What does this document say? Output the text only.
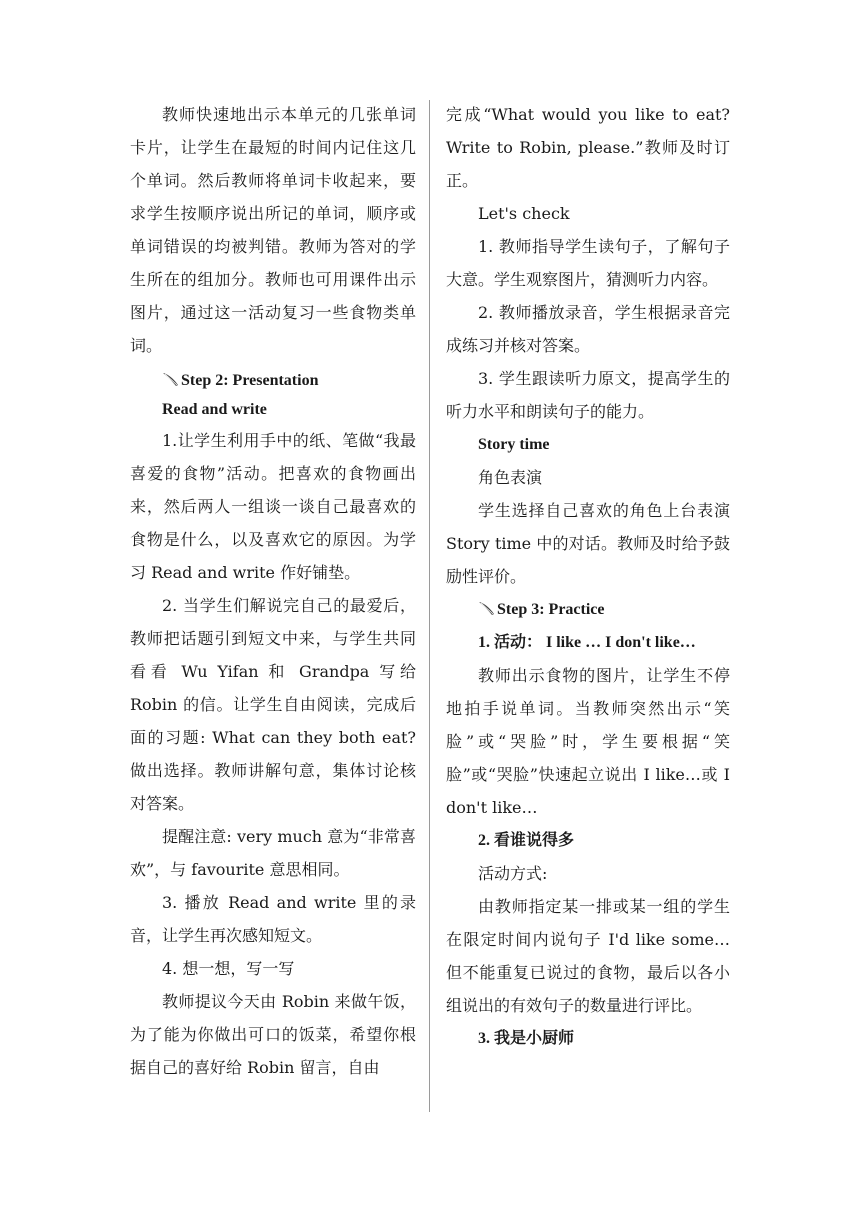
教师快速地出示本单元的几张单词卡片，让学生在最短的时间内记住这几个单词。然后教师将单词卡收起来，要求学生按顺序说出所记的单词，顺序或单词错误的均被判错。教师为答对的学生所在的组加分。教师也可用课件出示图片，通过这一活动复习一些食物类单词。

Step 2: Presentation

Read and write

1.让学生利用手中的纸、笔做“我最喜爱的食物”活动。把喜欢的食物画出来，然后两人一组谈一谈自己最喜欢的食物是什么，以及喜欢它的原因。为学习 Read and write 作好铺垫。

2. 当学生们解说完自己的最爱后，教师把话题引到短文中来，与学生共同看看 Wu Yifan 和 Grandpa 写给 Robin 的信。让学生自由阅读，完成后面的习题: What can they both eat?做出选择。教师讲解句意，集体讨论核对答案。

提醒注意: very much 意为“非常喜欢”，与 favourite 意思相同。

3. 播放 Read and write 里的录音，让学生再次感知短文。

4. 想一想，写一写

教师提议今天由 Robin 来做午饭，为了能为你做出可口的饭菜，希望你根据自己的喜好给 Robin 留言，自由

完成“What would you like to eat? Write to Robin, please.”教师及时订正。

Let's check

1. 教师指导学生读句子，了解句子大意。学生观察图片，猜测听力内容。

2. 教师播放录音，学生根据录音完成练习并核对答案。

3. 学生跟读听力原文，提高学生的听力水平和朗读句子的能力。

Story time

角色表演

学生选择自己喜欢的角色上台表演 Story time 中的对话。教师及时给予鼓励性评价。

Step 3: Practice

1. 活动： I like … I don't like…

教师出示食物的图片，让学生不停地拍手说单词。当教师突然出示“笑脸”或“哭脸”时，学生要根据“笑脸”或“哭脸”快速起立说出 I like…或 I don't like…

2. 看谁说得多

活动方式:

由教师指定某一排或某一组的学生在限定时间内说句子 I'd like some…但不能重复已说过的食物，最后以各小组说出的有效句子的数量进行评比。

3. 我是小厨师
